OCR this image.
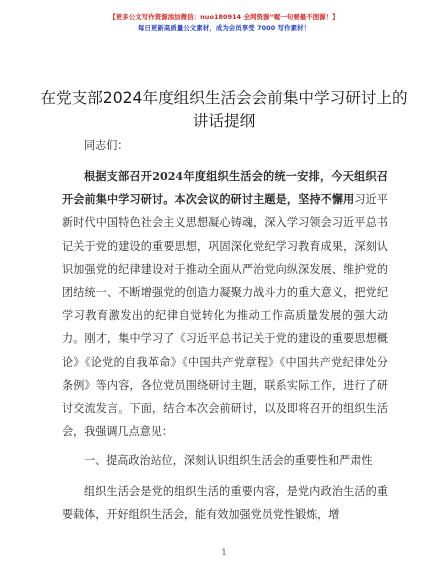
【更多公文写作资源添加微信：nuo180914 全网资源“喔一句要最不图源！】
每日更新高质量公文素材，成为会员享受 7000 写作素材！
在党支部2024年度组织生活会会前集中学习研讨上的讲话提纲

同志们：

根据支部召开2024年度组织生活会的统一安排，今天组织召开会前集中学习研讨。本次会议的研讨主题是，坚持不懈用习近平新时代中国特色社会主义思想凝心铸魂，深入学习领会习近平总书记关于党的建设的重要思想，巩固深化党纪学习教育成果，深刻认识加强党的纪律建设对于推动全面从严治党向纵深发展、维护党的团结统一、不断增强党的创造力凝聚力战斗力的重大意义，把党纪学习教育激发出的纪律自觉转化为推动工作高质量发展的强大动力。刚才，集中学习了《习近平总书记关于党的建设的重要思想概论》《论党的自我革命》《中国共产党章程》《中国共产党纪律处分条例》等内容，各位党员围绕研讨主题，联系实际工作，进行了研讨交流发言。下面，结合本次会前研讨，以及即将召开的组织生活会，我强调几点意见：

一、提高政治站位，深刻认识组织生活会的重要性和严肃性

组织生活会是党的组织生活的重要内容，是党内政治生活的重要载体，开好组织生活会，能有效加强党员党性锻炼，增

1
